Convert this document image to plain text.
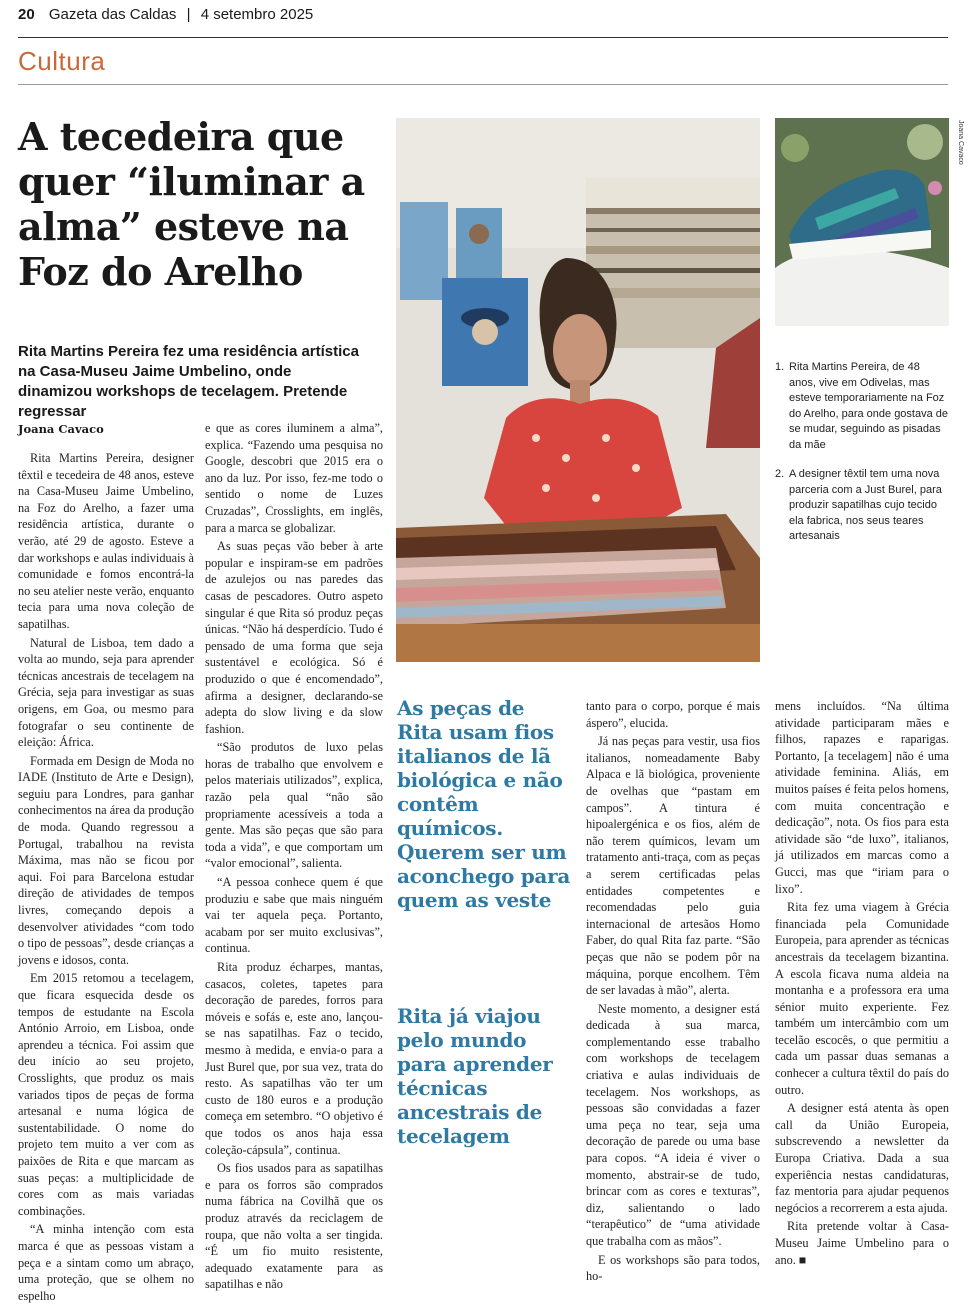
20 Gazeta das Caldas | 4 setembro 2025
Cultura
A tecedeira que quer “iluminar a alma” esteve na Foz do Arelho
Rita Martins Pereira fez uma residência artística na Casa-Museu Jaime Umbelino, onde dinamizou workshops de tecelagem. Pretende regressar
Joana Cavaco

Rita Martins Pereira, designer têxtil e tecedeira de 48 anos, esteve na Casa-Museu Jaime Umbelino, na Foz do Arelho, a fazer uma residência artística, durante o verão, até 29 de agosto. Esteve a dar workshops e aulas individuais à comunidade e fomos encontrá-la no seu atelier neste verão, enquanto tecia para uma nova coleção de sapatilhas.

Natural de Lisboa, tem dado a volta ao mundo, seja para aprender técnicas ancestrais de tecelagem na Grécia, seja para investigar as suas origens, em Goa, ou mesmo para fotografar o seu continente de eleição: África.

Formada em Design de Moda no IADE (Instituto de Arte e Design), seguiu para Londres, para ganhar conhecimentos na área da produção de moda. Quando regressou a Portugal, trabalhou na revista Máxima, mas não se ficou por aqui. Foi para Barcelona estudar direção de atividades de tempos livres, começando depois a desenvolver atividades “com todo o tipo de pessoas”, desde crianças a jovens e idosos, conta.

Em 2015 retomou a tecelagem, que ficara esquecida desde os tempos de estudante na Escola António Arroio, em Lisboa, onde aprendeu a técnica. Foi assim que deu início ao seu projeto, Crosslights, que produz os mais variados tipos de peças de forma artesanal e numa lógica de sustentabilidade. O nome do projeto tem muito a ver com as paixões de Rita e que marcam as suas peças: a multiplicidade de cores com as mais variadas combinações.

“A minha intenção com esta marca é que as pessoas vistam a peça e a sintam como um abraço, uma proteção, que se olhem no espelho

e que as cores iluminem a alma”, explica. “Fazendo uma pesquisa no Google, descobri que 2015 era o ano da luz. Por isso, fez-me todo o sentido o nome de Luzes Cruzadas”, Crosslights, em inglês, para a marca se globalizar.

As suas peças vão beber à arte popular e inspiram-se em padrões de azulejos ou nas paredes das casas de pescadores. Outro aspeto singular é que Rita só produz peças únicas. “Não há desperdício. Tudo é pensado de uma forma que seja sustentável e ecológica. Só é produzido o que é encomendado”, afirma a designer, declarando-se adepta do slow living e da slow fashion.

“São produtos de luxo pelas horas de trabalho que envolvem e pelos materiais utilizados”, explica, razão pela qual “não são propriamente acessíveis a toda a gente. Mas são peças que são para toda a vida”, e que comportam um “valor emocional”, salienta.

“A pessoa conhece quem é que produziu e sabe que mais ninguém vai ter aquela peça. Portanto, acabam por ser muito exclusivas”, continua.

Rita produz écharpes, mantas, casacos, coletes, tapetes para decoração de paredes, forros para móveis e sofás e, este ano, lançou-se nas sapatilhas. Faz o tecido, mesmo à medida, e envia-o para a Just Burel que, por sua vez, trata do resto. As sapatilhas vão ter um custo de 180 euros e a produção começa em setembro. “O objetivo é que todos os anos haja essa coleção-cápsula”, continua.

Os fios usados para as sapatilhas e para os forros são comprados numa fábrica na Covilhã que os produz através da reciclagem de roupa, que não volta a ser tingida. “É um fio muito resistente, adequado exatamente para as sapatilhas e não

Joana Cavaco
1. Rita Martins Pereira, de 48 anos, vive em Odivelas, mas esteve temporariamente na Foz do Arelho, para onde gostava de se mudar, seguindo as pisadas da mãe
2. A designer têxtil tem uma nova parceria com a Just Burel, para produzir sapatilhas cujo tecido ela fabrica, nos seus teares artesanais
As peças de Rita usam fios italianos de lã biológica e não contêm químicos. Querem ser um aconchego para quem as veste
Rita já viajou pelo mundo para aprender técnicas ancestrais de tecelagem

tanto para o corpo, porque é mais áspero”, elucida.

Já nas peças para vestir, usa fios italianos, nomeadamente Baby Alpaca e lã biológica, proveniente de ovelhas que “pastam em campos”. A tintura é hipoalergénica e os fios, além de não terem químicos, levam um tratamento anti-traça, com as peças a serem certificadas pelas entidades competentes e recomendadas pelo guia internacional de artesãos Homo Faber, do qual Rita faz parte. “São peças que não se podem pôr na máquina, porque encolhem. Têm de ser lavadas à mão”, alerta.

Neste momento, a designer está dedicada à sua marca, complementando esse trabalho com workshops de tecelagem criativa e aulas individuais de tecelagem. Nos workshops, as pessoas são convidadas a fazer uma peça no tear, seja uma decoração de parede ou uma base para copos. “A ideia é viver o momento, abstrair-se de tudo, brincar com as cores e texturas”, diz, salientando o lado “terapêutico” de “uma atividade que trabalha com as mãos”.

E os workshops são para todos, ho-

mens incluídos. “Na última atividade participaram mães e filhos, rapazes e raparigas. Portanto, [a tecelagem] não é uma atividade feminina. Aliás, em muitos países é feita pelos homens, com muita concentração e dedicação”, nota. Os fios para esta atividade são “de luxo”, italianos, já utilizados em marcas como a Gucci, mas que “iriam para o lixo”.

Rita fez uma viagem à Grécia financiada pela Comunidade Europeia, para aprender as técnicas ancestrais da tecelagem bizantina. A escola ficava numa aldeia na montanha e a professora era uma sénior muito experiente. Fez também um intercâmbio com um tecelão escocês, o que permitiu a cada um passar duas semanas a conhecer a cultura têxtil do país do outro.

A designer está atenta às open call da União Europeia, subscrevendo a newsletter da Europa Criativa. Dada a sua experiência nestas candidaturas, faz mentoria para ajudar pequenos negócios a recorrerem a esta ajuda.

Rita pretende voltar à Casa-Museu Jaime Umbelino para o ano. ■
